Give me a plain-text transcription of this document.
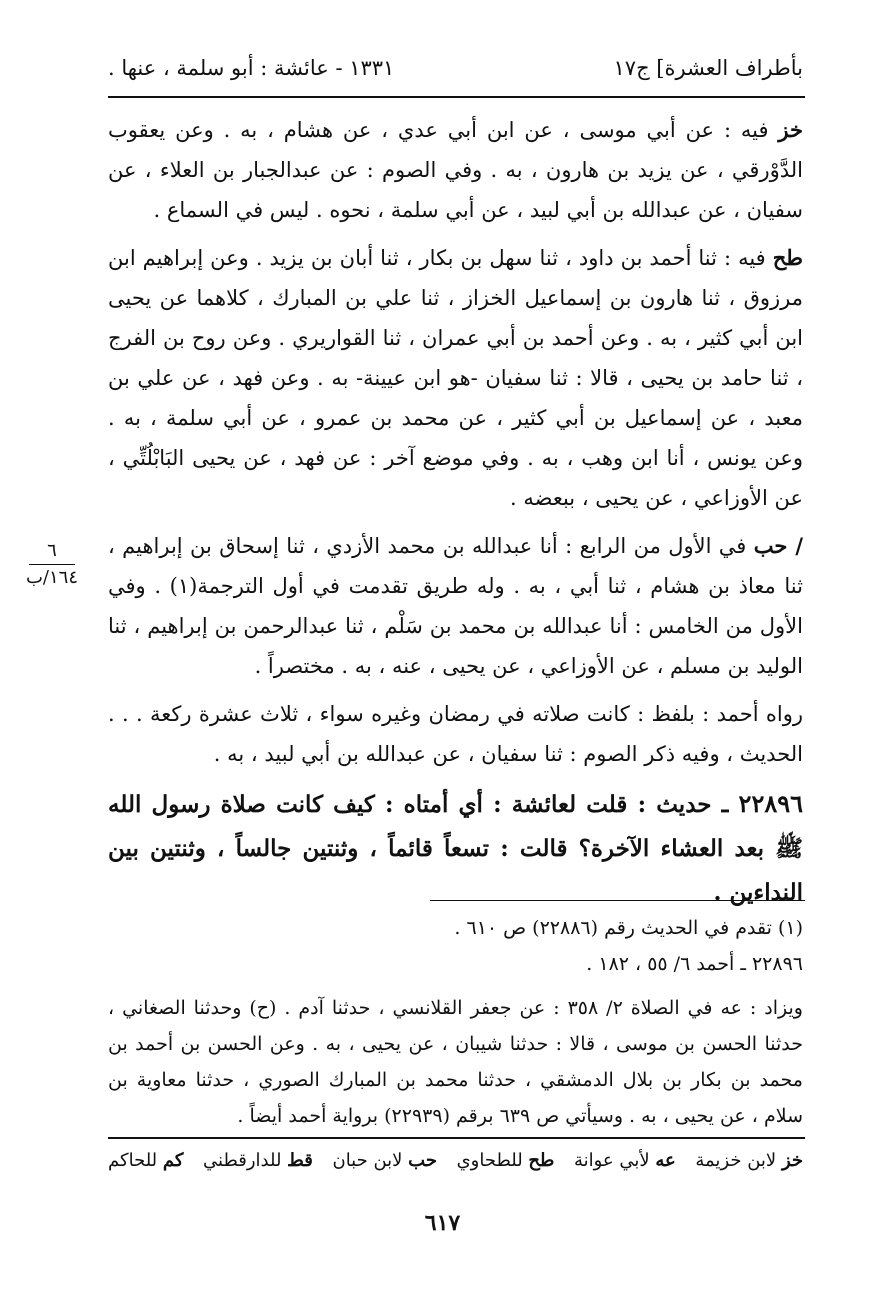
بأطراف العشرة] ج١٧
١٣٣١ - عائشة : أبو سلمة ، عنها .

خز فيه : عن أبي موسى ، عن ابن أبي عدي ، عن هشام ، به . وعن يعقوب الدَّوْرقي ، عن يزيد بن هارون ، به . وفي الصوم : عن عبدالجبار بن العلاء ، عن سفيان ، عن عبدالله بن أبي لبيد ، عن أبي سلمة ، نحوه . ليس في السماع .

طح فيه : ثنا أحمد بن داود ، ثنا سهل بن بكار ، ثنا أبان بن يزيد . وعن إبراهيم ابن مرزوق ، ثنا هارون بن إسماعيل الخزاز ، ثنا علي بن المبارك ، كلاهما عن يحيى ابن أبي كثير ، به . وعن أحمد بن أبي عمران ، ثنا القواريري . وعن روح بن الفرج ، ثنا حامد بن يحيى ، قالا : ثنا سفيان -هو ابن عيينة- به . وعن فهد ، عن علي بن معبد ، عن إسماعيل بن أبي كثير ، عن محمد بن عمرو ، عن أبي سلمة ، به . وعن يونس ، أنا ابن وهب ، به . وفي موضع آخر : عن فهد ، عن يحيى البَابْلُتِّي ، عن الأوزاعي ، عن يحيى ، ببعضه .

/ حب في الأول من الرابع : أنا عبدالله بن محمد الأزدي ، ثنا إسحاق بن إبراهيم ، ثنا معاذ بن هشام ، ثنا أبي ، به . وله طريق تقدمت في أول الترجمة(١) . وفي الأول من الخامس : أنا عبدالله بن محمد بن سَلْم ، ثنا عبدالرحمن بن إبراهيم ، ثنا الوليد بن مسلم ، عن الأوزاعي ، عن يحيى ، عنه ، به . مختصراً .

رواه أحمد : بلفظ : كانت صلاته في رمضان وغيره سواء ، ثلاث عشرة ركعة . . . الحديث ، وفيه ذكر الصوم : ثنا سفيان ، عن عبدالله بن أبي لبيد ، به .

٢٢٨٩٦ ـ حديث : قلت لعائشة : أي أمتاه : كيف كانت صلاة رسول الله ﷺ بعد العشاء الآخرة؟ قالت : تسعاً قائماً ، وثنتين جالساً ، وثنتين بين النداءين .

٦
١٦٤/ب

(١) تقدم في الحديث رقم (٢٢٨٨٦) ص ٦١٠ .

٢٢٨٩٦ ـ أحمد ٦/ ٥٥ ، ١٨٢ .

ويزاد : عه في الصلاة ٢/ ٣٥٨ : عن جعفر القلانسي ، حدثنا آدم . (ح) وحدثنا الصغاني ، حدثنا الحسن بن موسى ، قالا : حدثنا شيبان ، عن يحيى ، به . وعن الحسن بن أحمد بن محمد بن بكار بن بلال الدمشقي ، حدثنا محمد بن المبارك الصوري ، حدثنا معاوية بن سلام ، عن يحيى ، به . وسيأتي ص ٦٣٩ برقم (٢٢٩٣٩) برواية أحمد أيضاً .

خز لابن خزيمة
عه لأبي عوانة
طح للطحاوي
حب لابن حبان
قط للدارقطني
كم للحاكم
٦١٧
